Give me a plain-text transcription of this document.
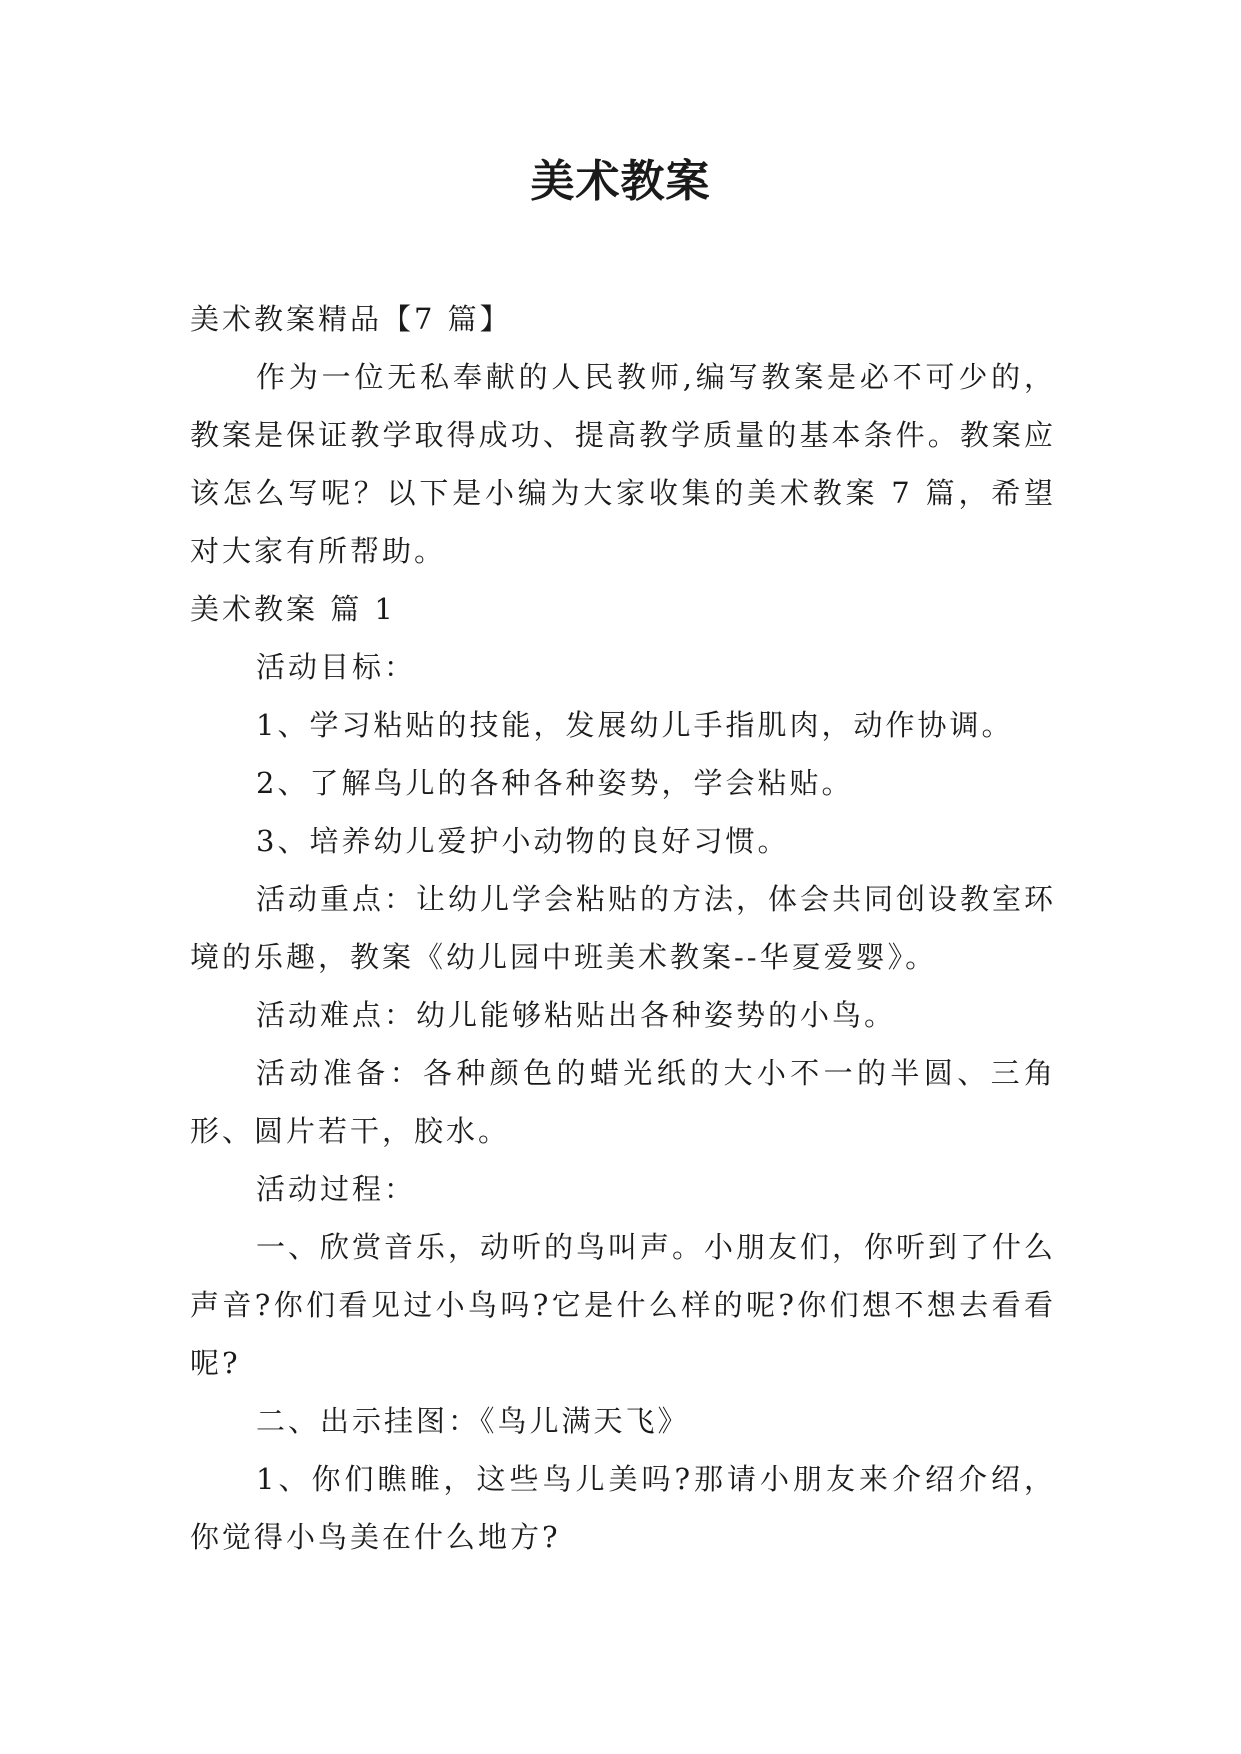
美术教案

美术教案精品【7 篇】

作为一位无私奉献的人民教师,编写教案是必不可少的，教案是保证教学取得成功、提高教学质量的基本条件。教案应该怎么写呢？以下是小编为大家收集的美术教案 7 篇，希望对大家有所帮助。

美术教案 篇 1

活动目标：

1、学习粘贴的技能，发展幼儿手指肌肉，动作协调。

2、了解鸟儿的各种各种姿势，学会粘贴。

3、培养幼儿爱护小动物的良好习惯。

活动重点：让幼儿学会粘贴的方法，体会共同创设教室环境的乐趣，教案《幼儿园中班美术教案--华夏爱婴》。

活动难点：幼儿能够粘贴出各种姿势的小鸟。

活动准备：各种颜色的蜡光纸的大小不一的半圆、三角形、圆片若干，胶水。

活动过程：

一、欣赏音乐，动听的鸟叫声。小朋友们，你听到了什么声音?你们看见过小鸟吗?它是什么样的呢?你们想不想去看看呢?

二、出示挂图：《鸟儿满天飞》

1、你们瞧睢，这些鸟儿美吗?那请小朋友来介绍介绍，你觉得小鸟美在什么地方?
